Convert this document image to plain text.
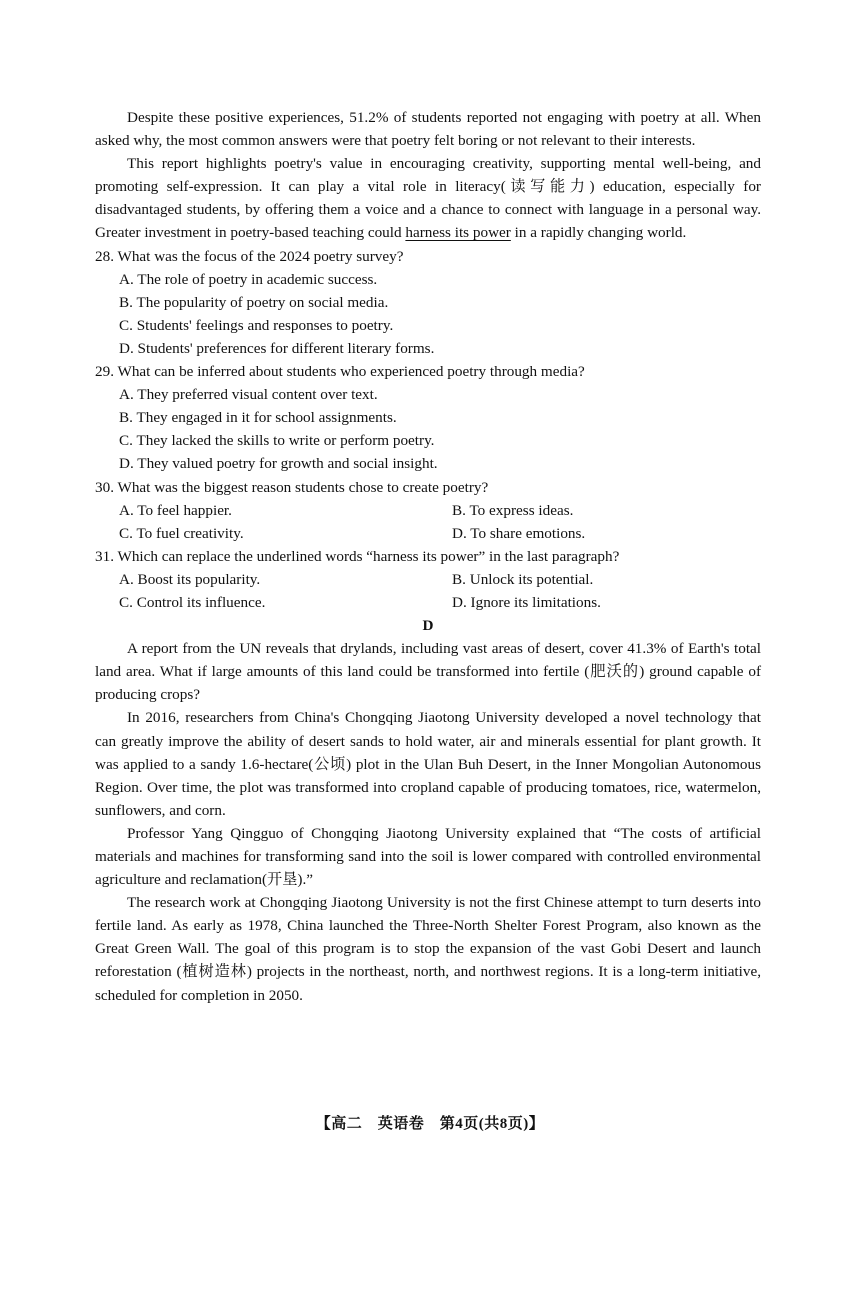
Despite these positive experiences, 51.2% of students reported not engaging with poetry at all. When asked why, the most common answers were that poetry felt boring or not relevant to their interests.

This report highlights poetry's value in encouraging creativity, supporting mental well-being, and promoting self-expression. It can play a vital role in literacy(读写能力) education, especially for disadvantaged students, by offering them a voice and a chance to connect with language in a personal way. Greater investment in poetry-based teaching could harness its power in a rapidly changing world.

28. What was the focus of the 2024 poetry survey?

A. The role of poetry in academic success.

B. The popularity of poetry on social media.

C. Students' feelings and responses to poetry.

D. Students' preferences for different literary forms.

29. What can be inferred about students who experienced poetry through media?

A. They preferred visual content over text.

B. They engaged in it for school assignments.

C. They lacked the skills to write or perform poetry.

D. They valued poetry for growth and social insight.

30. What was the biggest reason students chose to create poetry?

A. To feel happier.	B. To express ideas.

C. To fuel creativity.	D. To share emotions.

31. Which can replace the underlined words “harness its power” in the last paragraph?

A. Boost its popularity.	B. Unlock its potential.

C. Control its influence.	D. Ignore its limitations.

D

A report from the UN reveals that drylands, including vast areas of desert, cover 41.3% of Earth's total land area. What if large amounts of this land could be transformed into fertile (肥沃的) ground capable of producing crops?

In 2016, researchers from China's Chongqing Jiaotong University developed a novel technology that can greatly improve the ability of desert sands to hold water, air and minerals essential for plant growth. It was applied to a sandy 1.6-hectare(公顷) plot in the Ulan Buh Desert, in the Inner Mongolian Autonomous Region. Over time, the plot was transformed into cropland capable of producing tomatoes, rice, watermelon, sunflowers, and corn.

Professor Yang Qingguo of Chongqing Jiaotong University explained that “The costs of artificial materials and machines for transforming sand into the soil is lower compared with controlled environmental agriculture and reclamation(开垦).”

The research work at Chongqing Jiaotong University is not the first Chinese attempt to turn deserts into fertile land. As early as 1978, China launched the Three-North Shelter Forest Program, also known as the Great Green Wall. The goal of this program is to stop the expansion of the vast Gobi Desert and launch reforestation (植树造林) projects in the northeast, north, and northwest regions. It is a long-term initiative, scheduled for completion in 2050.

【高二　英语卷　第4页(共8页)】
